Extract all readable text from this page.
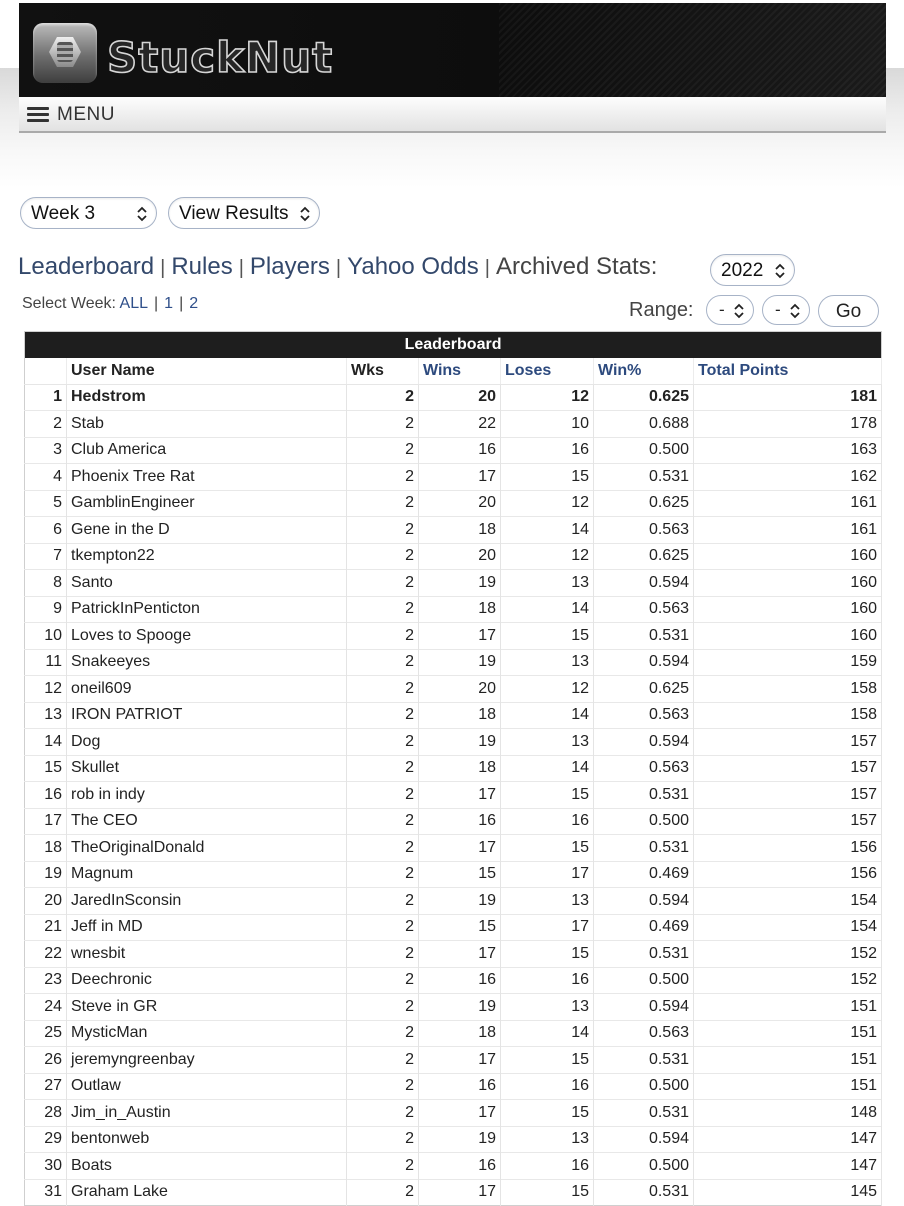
StuckNut
MENU
Week 3	View Results
Leaderboard | Rules | Players | Yahoo Odds | Archived Stats:	2022
Select Week: ALL | 1 | 2	Range:	-	-	Go
Leaderboard						
	User Name	Wks	Wins	Loses	Win%	Total Points
1	Hedstrom	2	20	12	0.625	181
2	Stab	2	22	10	0.688	178
3	Club America	2	16	16	0.500	163
4	Phoenix Tree Rat	2	17	15	0.531	162
5	GamblinEngineer	2	20	12	0.625	161
6	Gene in the D	2	18	14	0.563	161
7	tkempton22	2	20	12	0.625	160
8	Santo	2	19	13	0.594	160
9	PatrickInPenticton	2	18	14	0.563	160
10	Loves to Spooge	2	17	15	0.531	160
11	Snakeeyes	2	19	13	0.594	159
12	oneil609	2	20	12	0.625	158
13	IRON PATRIOT	2	18	14	0.563	158
14	Dog	2	19	13	0.594	157
15	Skullet	2	18	14	0.563	157
16	rob in indy	2	17	15	0.531	157
17	The CEO	2	16	16	0.500	157
18	TheOriginalDonald	2	17	15	0.531	156
19	Magnum	2	15	17	0.469	156
20	JaredInSconsin	2	19	13	0.594	154
21	Jeff in MD	2	15	17	0.469	154
22	wnesbit	2	17	15	0.531	152
23	Deechronic	2	16	16	0.500	152
24	Steve in GR	2	19	13	0.594	151
25	MysticMan	2	18	14	0.563	151
26	jeremyngreenbay	2	17	15	0.531	151
27	Outlaw	2	16	16	0.500	151
28	Jim_in_Austin	2	17	15	0.531	148
29	bentonweb	2	19	13	0.594	147
30	Boats	2	16	16	0.500	147
31	Graham Lake	2	17	15	0.531	145
